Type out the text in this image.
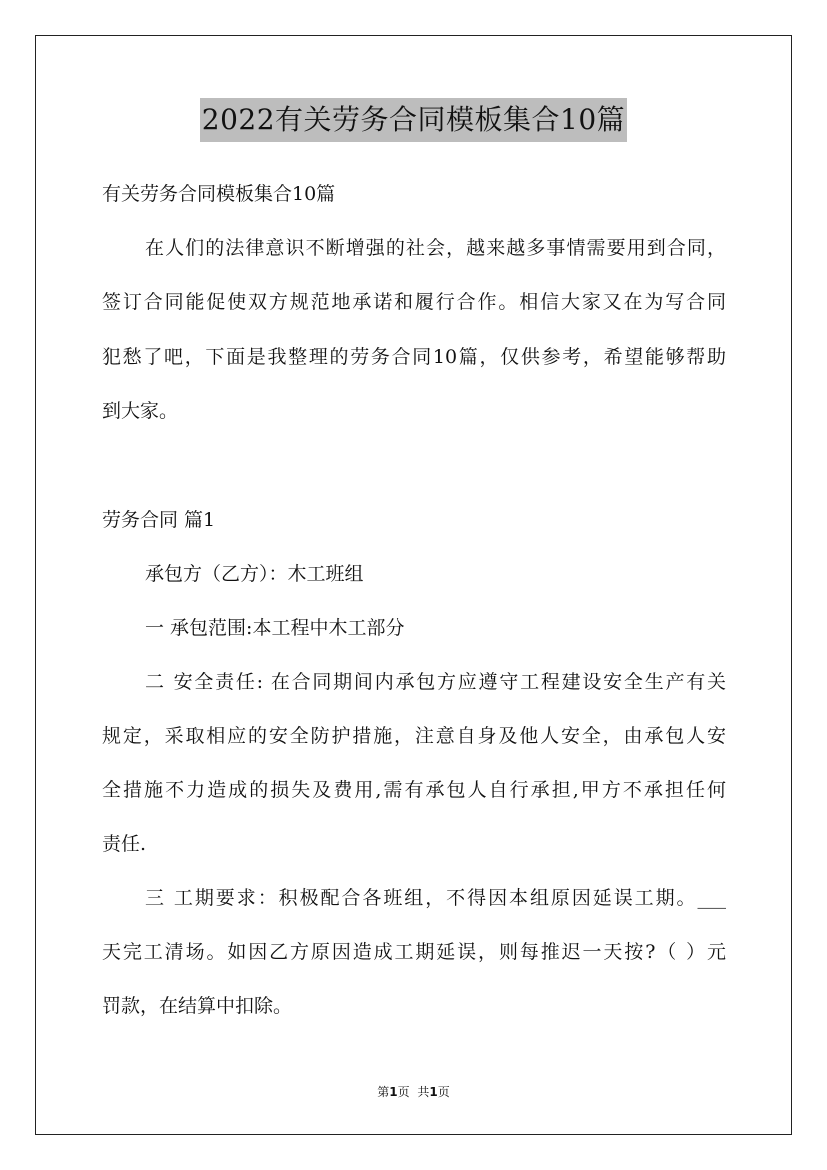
2022有关劳务合同模板集合10篇
有关劳务合同模板集合10篇
在人们的法律意识不断增强的社会，越来越多事情需要用到合同，
签订合同能促使双方规范地承诺和履行合作。相信大家又在为写合同
犯愁了吧，下面是我整理的劳务合同10篇，仅供参考，希望能够帮助
到大家。
劳务合同 篇1
承包方（乙方）：木工班组
一 承包范围:本工程中木工部分
二 安全责任: 在合同期间内承包方应遵守工程建设安全生产有关
规定，采取相应的安全防护措施，注意自身及他人安全，由承包人安
全措施不力造成的损失及费用,需有承包人自行承担,甲方不承担任何
责任.
三 工期要求：积极配合各班组，不得因本组原因延误工期。___
天完工清场。如因乙方原因造成工期延误，则每推迟一天按?（ ）元
罚款，在结算中扣除。
第1页 共1页
